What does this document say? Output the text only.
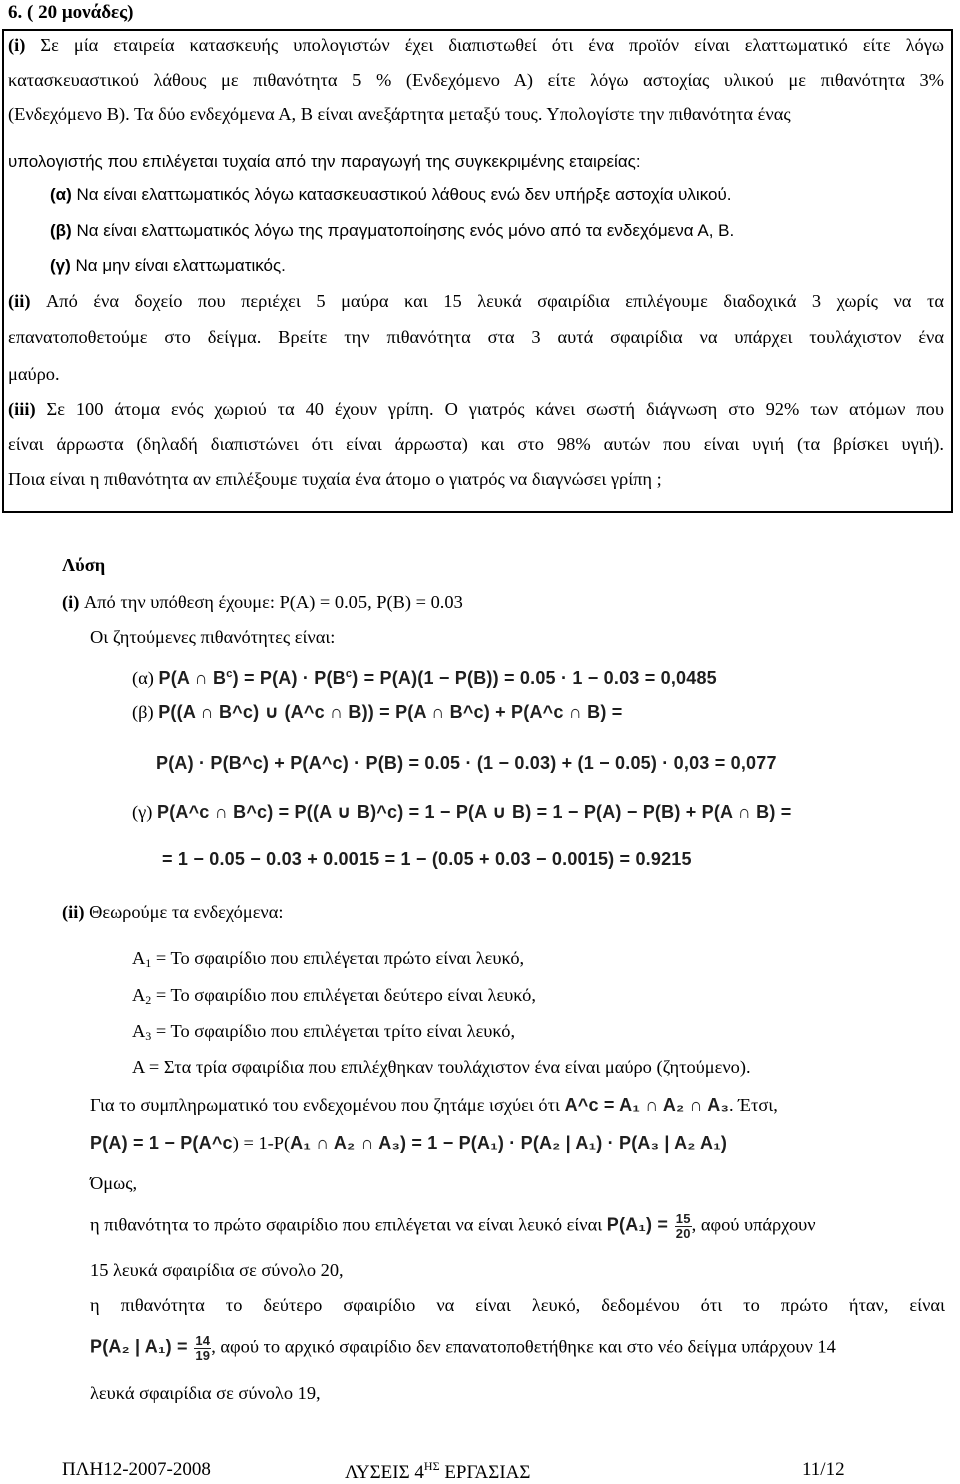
6. ( 20 μονάδες)
(i) Σε μία εταιρεία κατασκευής υπολογιστών έχει διαπιστωθεί ότι ένα προϊόν είναι ελαττωματικό είτε λόγω
κατασκευαστικού λάθους με πιθανότητα 5 % (Ενδεχόμενο Α) είτε λόγω αστοχίας υλικού με πιθανότητα 3%
(Ενδεχόμενο Β). Τα δύο ενδεχόμενα Α, Β είναι ανεξάρτητα μεταξύ τους. Υπολογίστε την πιθανότητα ένας
υπολογιστής που επιλέγεται τυχαία από την παραγωγή της συγκεκριμένης εταιρείας:
(α) Να είναι ελαττωματικός λόγω κατασκευαστικού λάθους ενώ δεν υπήρξε αστοχία υλικού.
(β) Να είναι ελαττωματικός λόγω της πραγματοποίησης ενός μόνο από τα ενδεχόμενα Α, Β.
(γ) Να μην είναι ελαττωματικός.
(ii) Από ένα δοχείο που περιέχει 5 μαύρα και 15 λευκά σφαιρίδια επιλέγουμε διαδοχικά 3 χωρίς να τα
επανατοποθετούμε στο δείγμα. Βρείτε την πιθανότητα στα 3 αυτά σφαιρίδια να υπάρχει τουλάχιστον ένα
μαύρο.
(iii) Σε 100 άτομα ενός χωριού τα 40 έχουν γρίπη. Ο γιατρός κάνει σωστή διάγνωση στο 92% των ατόμων που
είναι άρρωστα (δηλαδή διαπιστώνει ότι είναι άρρωστα) και στο 98% αυτών που είναι υγιή (τα βρίσκει υγιή).
Ποια είναι η πιθανότητα αν επιλέξουμε τυχαία ένα άτομο ο γιατρός να διαγνώσει γρίπη ;
Λύση
(i) Από την υπόθεση έχουμε: P(A) = 0.05, P(B) = 0.03
Οι ζητούμενες πιθανότητες είναι:
(α) P(A ∩ $B^c) = P(A) \cdot P(B^c) = P(A)(1 - P(B)) = 0.05 \cdot 1 - 0.03 = 0,0485$
(β) P((A ∩ B^c) ∪ (A^c ∩ B)) = P(A ∩ B^c) + P(A^c ∩ B) =
P(A) · P(B^c) + P(A^c) · P(B) = 0.05 · (1 − 0.03) + (1 − 0.05) · 0,03 = 0,077
(γ) P(A^c ∩ B^c) = P((A ∪ B)^c) = 1 − P(A ∪ B) = 1 − P(A) − P(B) + P(A ∩ B) =
= 1 − 0.05 − 0.03 + 0.0015 = 1 − (0.05 + 0.03 − 0.0015) = 0.9215
(ii) Θεωρούμε τα ενδεχόμενα:
$A_1 = To$ σφαιρίδιο που επιλέγεται πρώτο είναι λευκό,
$A_2 = To$ σφαιρίδιο που επιλέγεται δεύτερο είναι λευκό,
$A_3 = To$ σφαιρίδιο που επιλέγεται τρίτο είναι λευκό,
Α = Στα τρία σφαιρίδια που επιλέχθηκαν τουλάχιστον ένα είναι μαύρο (ζητούμενο).
Για το συμπληρωματικό του ενδεχομένου που ζητάμε ισχύει ότι A^c = A₁ ∩ A₂ ∩ A₃. Έτσι,
P(A) = 1 − P(A^c) = 1-P(A₁ ∩ A₂ ∩ A₃) = 1 − P(A₁) · P(A₂ | A₁) · P(A₃ | A₂ A₁)
Όμως,
η πιθανότητα το πρώτο σφαιρίδιο που επιλέγεται να είναι λευκό είναι $P(A_1) = \frac{15}{20}$ , αφού υπάρχουν
15 λευκά σφαιρίδια σε σύνολο 20,
η πιθανότητα το δεύτερο σφαιρίδιο να είναι λευκό, δεδομένου ότι το πρώτο ήταν, είναι
P(A₂ | $A_1) = \frac{14}{19}$ , αφού το αρχικό σφαιρίδιο δεν επανατοποθετήθηκε και στο νέο δείγμα υπάρχουν 14
λευκά σφαιρίδια σε σύνολο 19,
ΠΛΗ12-2007-2008	ΛΥΣΕΙΣ $4^{H\Sigma}$ ΕΡΓΑΣΙΑΣ	11/12
